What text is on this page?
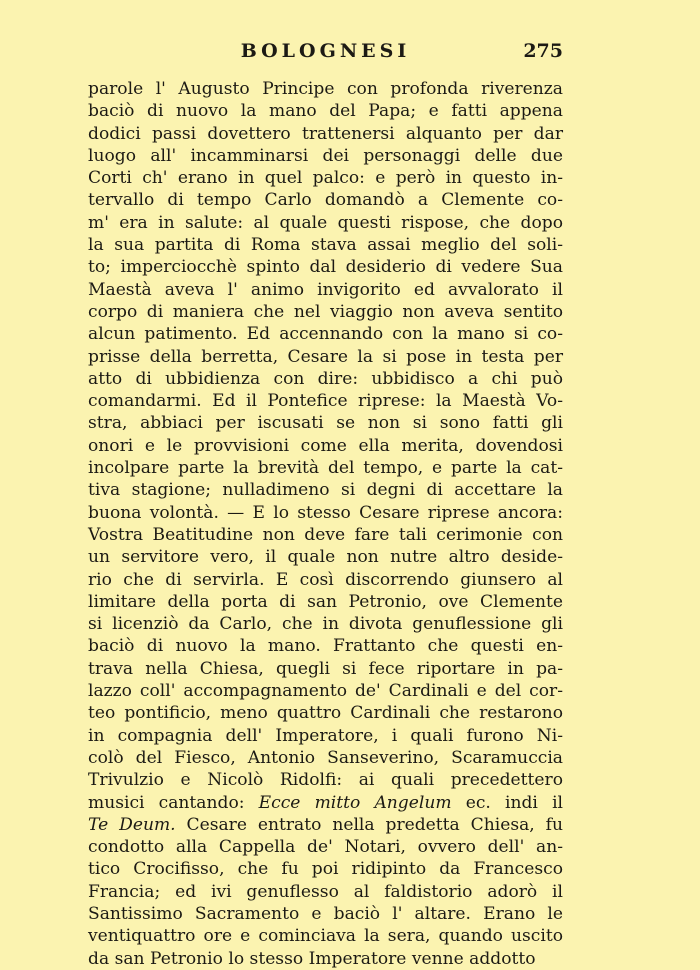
BOLOGNESI	275
parole l' Augusto Principe con profonda riverenza
baciò di nuovo la mano del Papa; e fatti appena
dodici passi dovettero trattenersi alquanto per dar
luogo all' incamminarsi dei personaggi delle due
Corti ch' erano in quel palco: e però in questo in-
tervallo di tempo Carlo domandò a Clemente co-
m' era in salute: al quale questi rispose, che dopo
la sua partita di Roma stava assai meglio del soli-
to; imperciocchè spinto dal desiderio di vedere Sua
Maestà aveva l' animo invigorito ed avvalorato il
corpo di maniera che nel viaggio non aveva sentito
alcun patimento. Ed accennando con la mano si co-
prisse della berretta, Cesare la si pose in testa per
atto di ubbidienza con dire: ubbidisco a chi può
comandarmi. Ed il Pontefice riprese: la Maestà Vo-
stra, abbiaci per iscusati se non si sono fatti gli
onori e le provvisioni come ella merita, dovendosi
incolpare parte la brevità del tempo, e parte la cat-
tiva stagione; nulladimeno si degni di accettare la
buona volontà. — E lo stesso Cesare riprese ancora:
Vostra Beatitudine non deve fare tali cerimonie con
un servitore vero, il quale non nutre altro deside-
rio che di servirla. E così discorrendo giunsero al
limitare della porta di san Petronio, ove Clemente
si licenziò da Carlo, che in divota genuflessione gli
baciò di nuovo la mano. Frattanto che questi en-
trava nella Chiesa, quegli si fece riportare in pa-
lazzo coll' accompagnamento de' Cardinali e del cor-
teo pontificio, meno quattro Cardinali che restarono
in compagnia dell' Imperatore, i quali furono Ni-
colò del Fiesco, Antonio Sanseverino, Scaramuccia
Trivulzio e Nicolò Ridolfi: ai quali precedettero
musici cantando: Ecce mitto Angelum ec. indi il
Te Deum. Cesare entrato nella predetta Chiesa, fu
condotto alla Cappella de' Notari, ovvero dell' an-
tico Crocifisso, che fu poi ridipinto da Francesco
Francia; ed ivi genuflesso al faldistorio adorò il
Santissimo Sacramento e baciò l' altare. Erano le
ventiquattro ore e cominciava la sera, quando uscito
da san Petronio lo stesso Imperatore venne addotto
